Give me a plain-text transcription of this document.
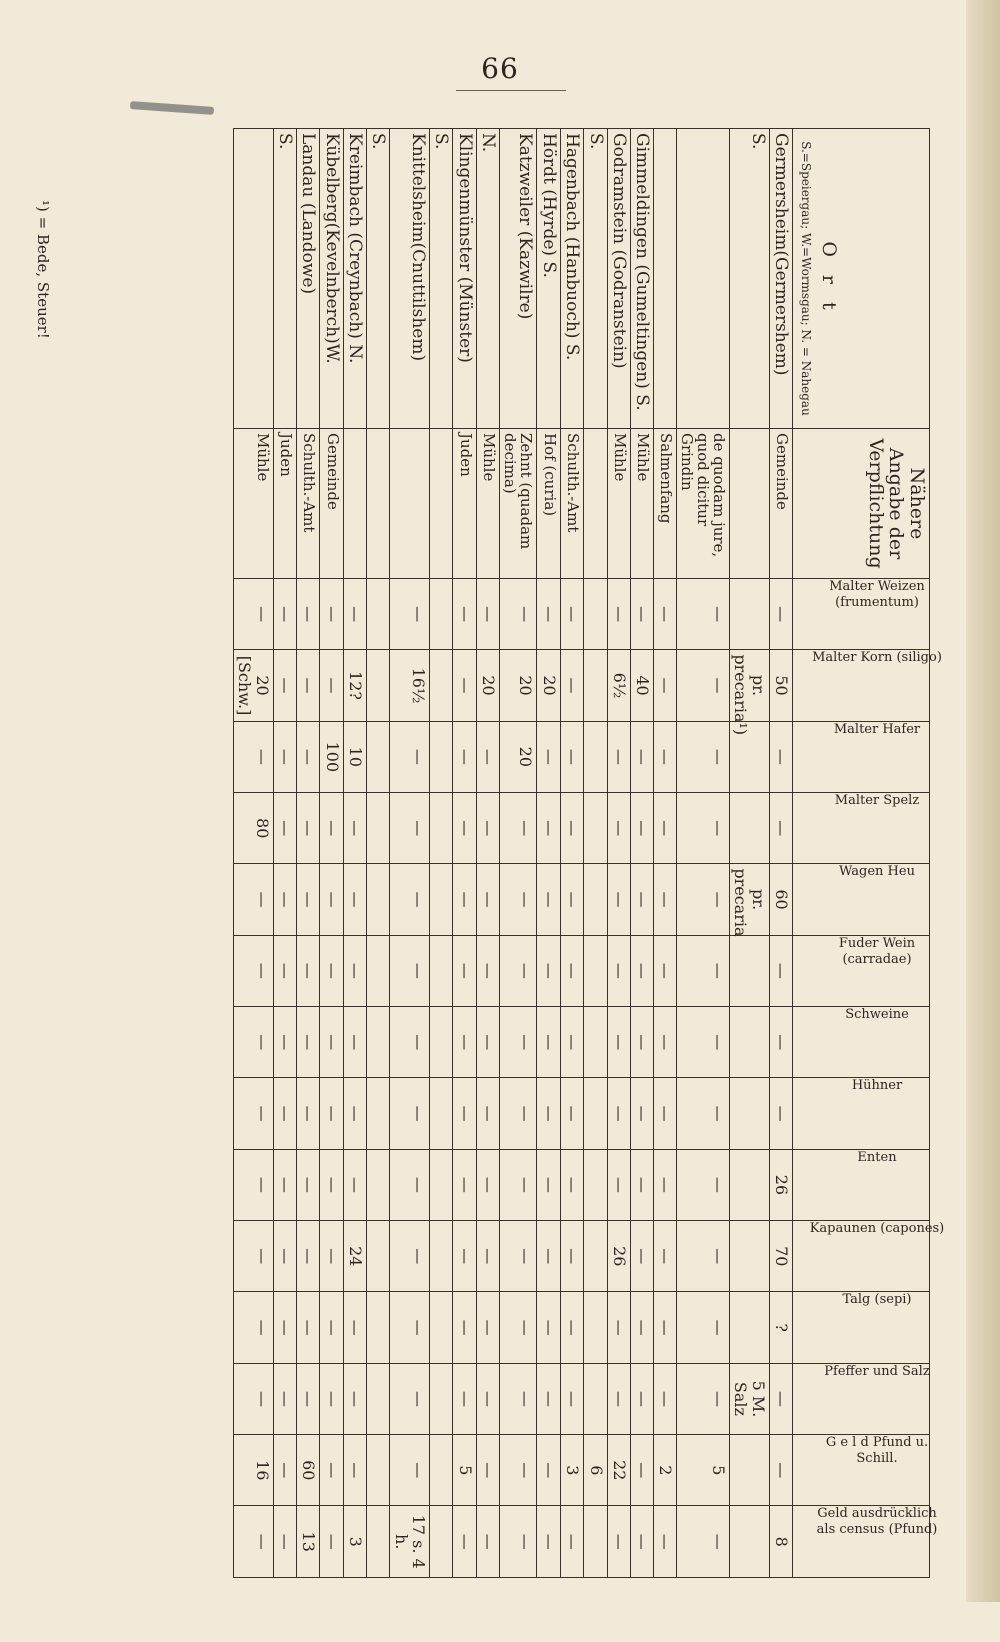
66
¹) = Bede, Steuer!	O r t
S.=Speiergau; W.=Wormsgau; N. = Nahegau	Nähere Angabe der Verpflichtung	Malter Weizen (frumentum)	Malter Korn (siligo)	Malter Hafer	Malter Spelz	Wagen Heu	Fuder Wein (carradae)	Schweine	Hühner	Enten	Kapaunen (capones)	Talg (sepi)	Pfeffer und Salz	G e l d Pfund u. Schill.	Geld ausdrücklich als census (Pfund)

Germersheim(Germershem)	Gemeinde	—	50	—	—	60	—	—	—	26	70	?	—	—	8
S.			pr. precaria¹)			pr. precaria							5 M. Salz		
	de quodam jure, quod dicitur Grindin	—	—	—	—	—	—	—	—	—	—	—	—	5	—
	Salmenfang	—	—	—	—	—	—	—	—	—	—	—	—	2	—
Gimmeldingen (Gumeltingen) S.	Mühle	—	40	—	—	—	—	—	—	—	—	—	—	—	—
Godramstein (Godranstein)	Mühle	—	6½	—	—	—	—	—	—	—	26	—	—	22	—
S.														6	
Hagenbach (Hanbuoch) S.	Schulth.-Amt	—	—	—	—	—	—	—	—	—	—	—	—	3	—
Hördt (Hyrde) S.	Hof (curia)	—	20	—	—	—	—	—	—	—	—	—	—	—	—
Katzweiler (Kazwilre)	Zehnt (quadam decima)	—	20	20	—	—	—	—	—	—	—	—	—	—	—
N.	Mühle	—	20	—	—	—	—	—	—	—	—	—	—	—	—
Klingenmünster (Münster)	Juden	—	—	—	—	—	—	—	—	—	—	—	—	5	—
S.															
Knittelsheim(Cnuttilshem)		—	16½	—	—	—	—	—	—	—	—	—	—	—	17 s. 4 h.
S.															
Kreimbach (Creynbach) N.		—	12?	10	—	—	—	—	—	—	24	—	—	—	3
Kübelberg(Kevelnberch)W.	Gemeinde	—	—	100	—	—	—	—	—	—	—	—	—	—	—
Landau (Landowe)	Schulth.-Amt	—	—	—	—	—	—	—	—	—	—	—	—	60	13
S.	Juden	—	—	—	—	—	—	—	—	—	—	—	—	—	—
	Mühle	—	20 [Schw.]	—	80	—	—	—	—	—	—	—	—	16	—
